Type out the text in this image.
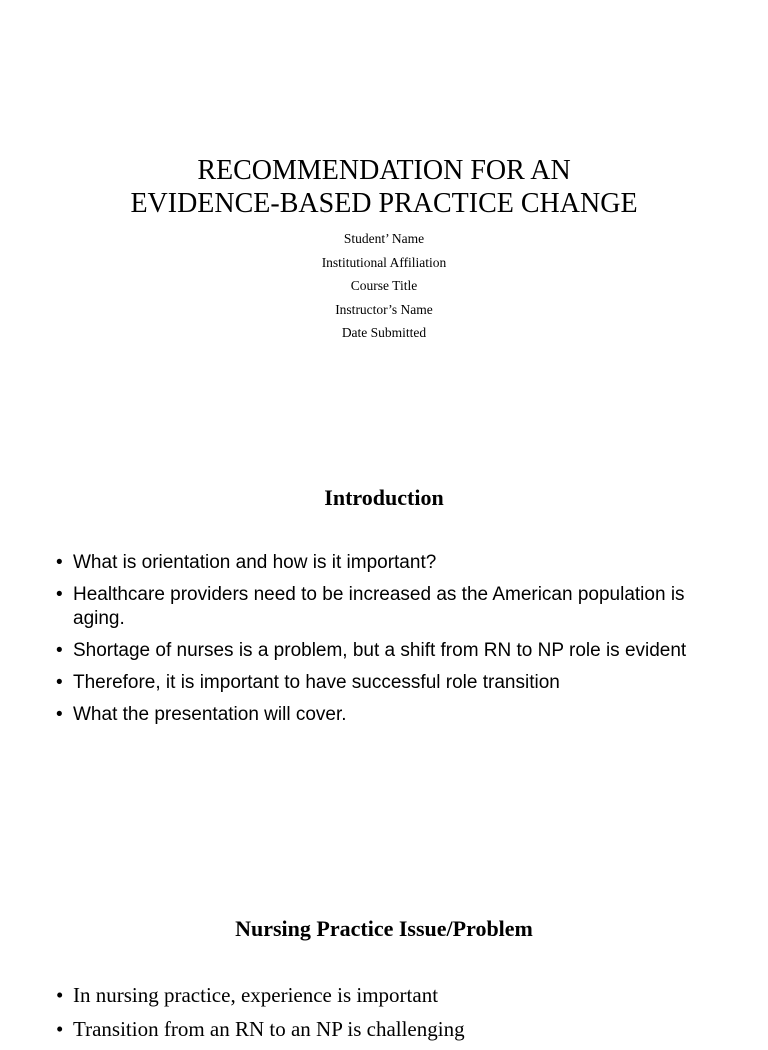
RECOMMENDATION FOR AN
EVIDENCE-BASED PRACTICE CHANGE
Student’ Name
Institutional Affiliation
Course Title
Instructor’s Name
Date Submitted
Introduction
• What is orientation and how is it important?
• Healthcare providers need to be increased as the American population is aging.
• Shortage of nurses is a problem, but a shift from RN to NP role is evident
• Therefore, it is important to have successful role transition
• What the presentation will cover.
Nursing Practice Issue/Problem
• In nursing practice, experience is important
• Transition from an RN to an NP is challenging
